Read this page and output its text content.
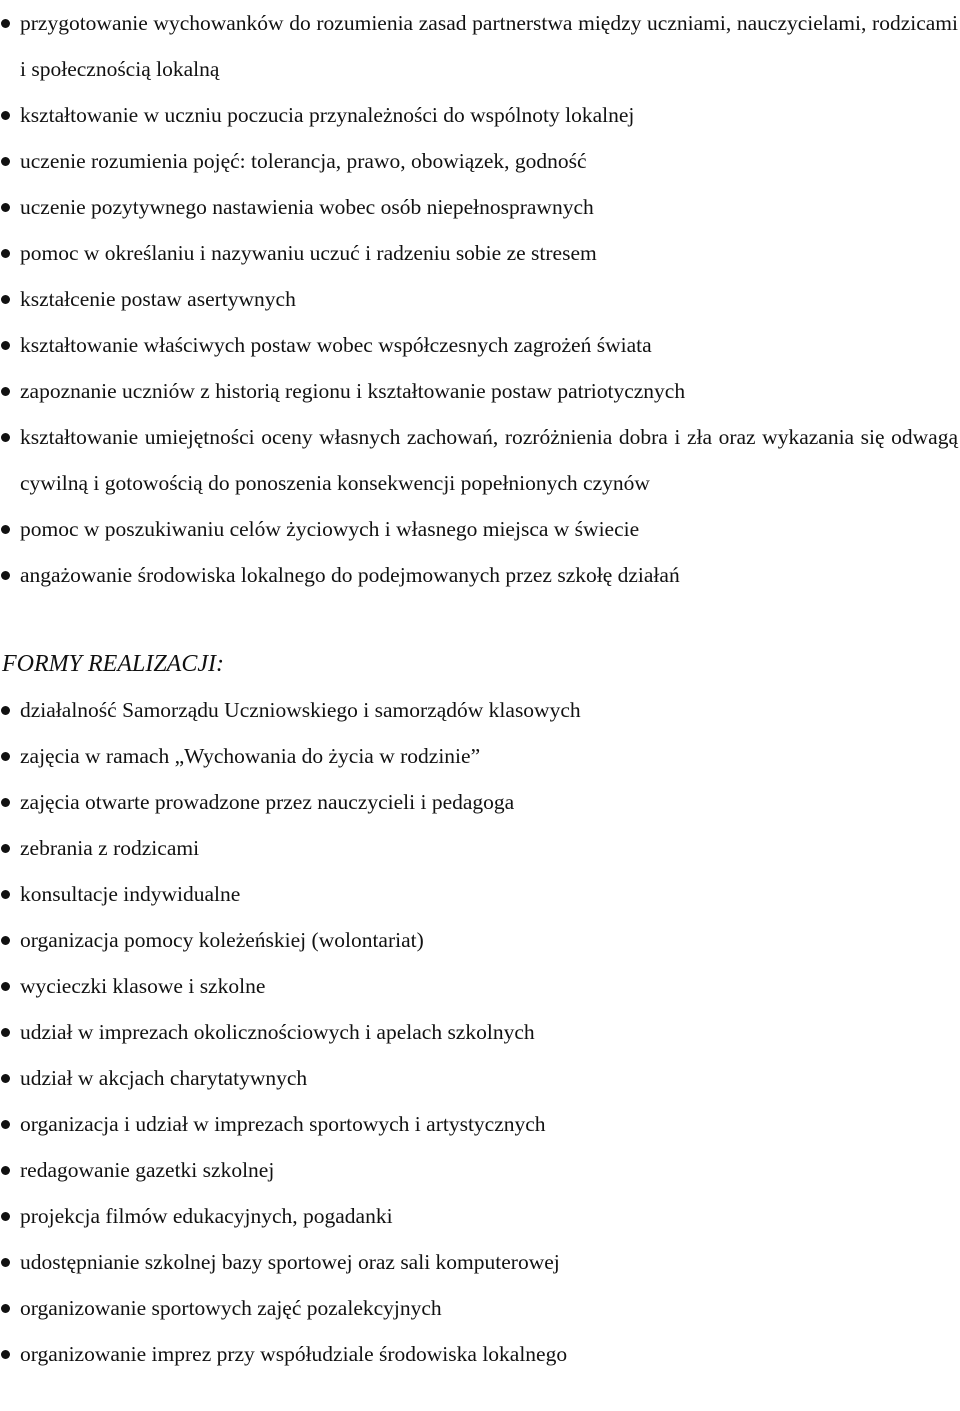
przygotowanie wychowanków do rozumienia zasad partnerstwa między uczniami, nauczycielami, rodzicami i społecznością lokalną
kształtowanie w uczniu poczucia przynależności do wspólnoty lokalnej
uczenie rozumienia pojęć: tolerancja, prawo, obowiązek, godność
uczenie pozytywnego nastawienia wobec osób niepełnosprawnych
pomoc w określaniu i nazywaniu uczuć i radzeniu sobie ze stresem
kształcenie postaw asertywnych
kształtowanie właściwych postaw wobec współczesnych zagrożeń świata
zapoznanie uczniów z historią regionu i kształtowanie postaw patriotycznych
kształtowanie umiejętności oceny własnych zachowań, rozróżnienia dobra i zła oraz wykazania się odwagą cywilną i gotowością do ponoszenia konsekwencji popełnionych czynów
pomoc w poszukiwaniu celów życiowych i własnego miejsca w świecie
angażowanie środowiska lokalnego do podejmowanych przez szkołę działań
FORMY REALIZACJI:
działalność Samorządu Uczniowskiego i samorządów klasowych
zajęcia w ramach „Wychowania do życia w rodzinie”
zajęcia otwarte prowadzone przez nauczycieli i pedagoga
zebrania z rodzicami
konsultacje indywidualne
organizacja pomocy koleżeńskiej (wolontariat)
wycieczki klasowe i szkolne
udział w imprezach okolicznościowych i apelach szkolnych
udział w akcjach charytatywnych
organizacja i udział w imprezach sportowych i artystycznych
redagowanie gazetki szkolnej
projekcja filmów edukacyjnych, pogadanki
udostępnianie szkolnej bazy sportowej oraz sali komputerowej
organizowanie sportowych zajęć pozalekcyjnych
organizowanie imprez przy współudziale środowiska lokalnego
